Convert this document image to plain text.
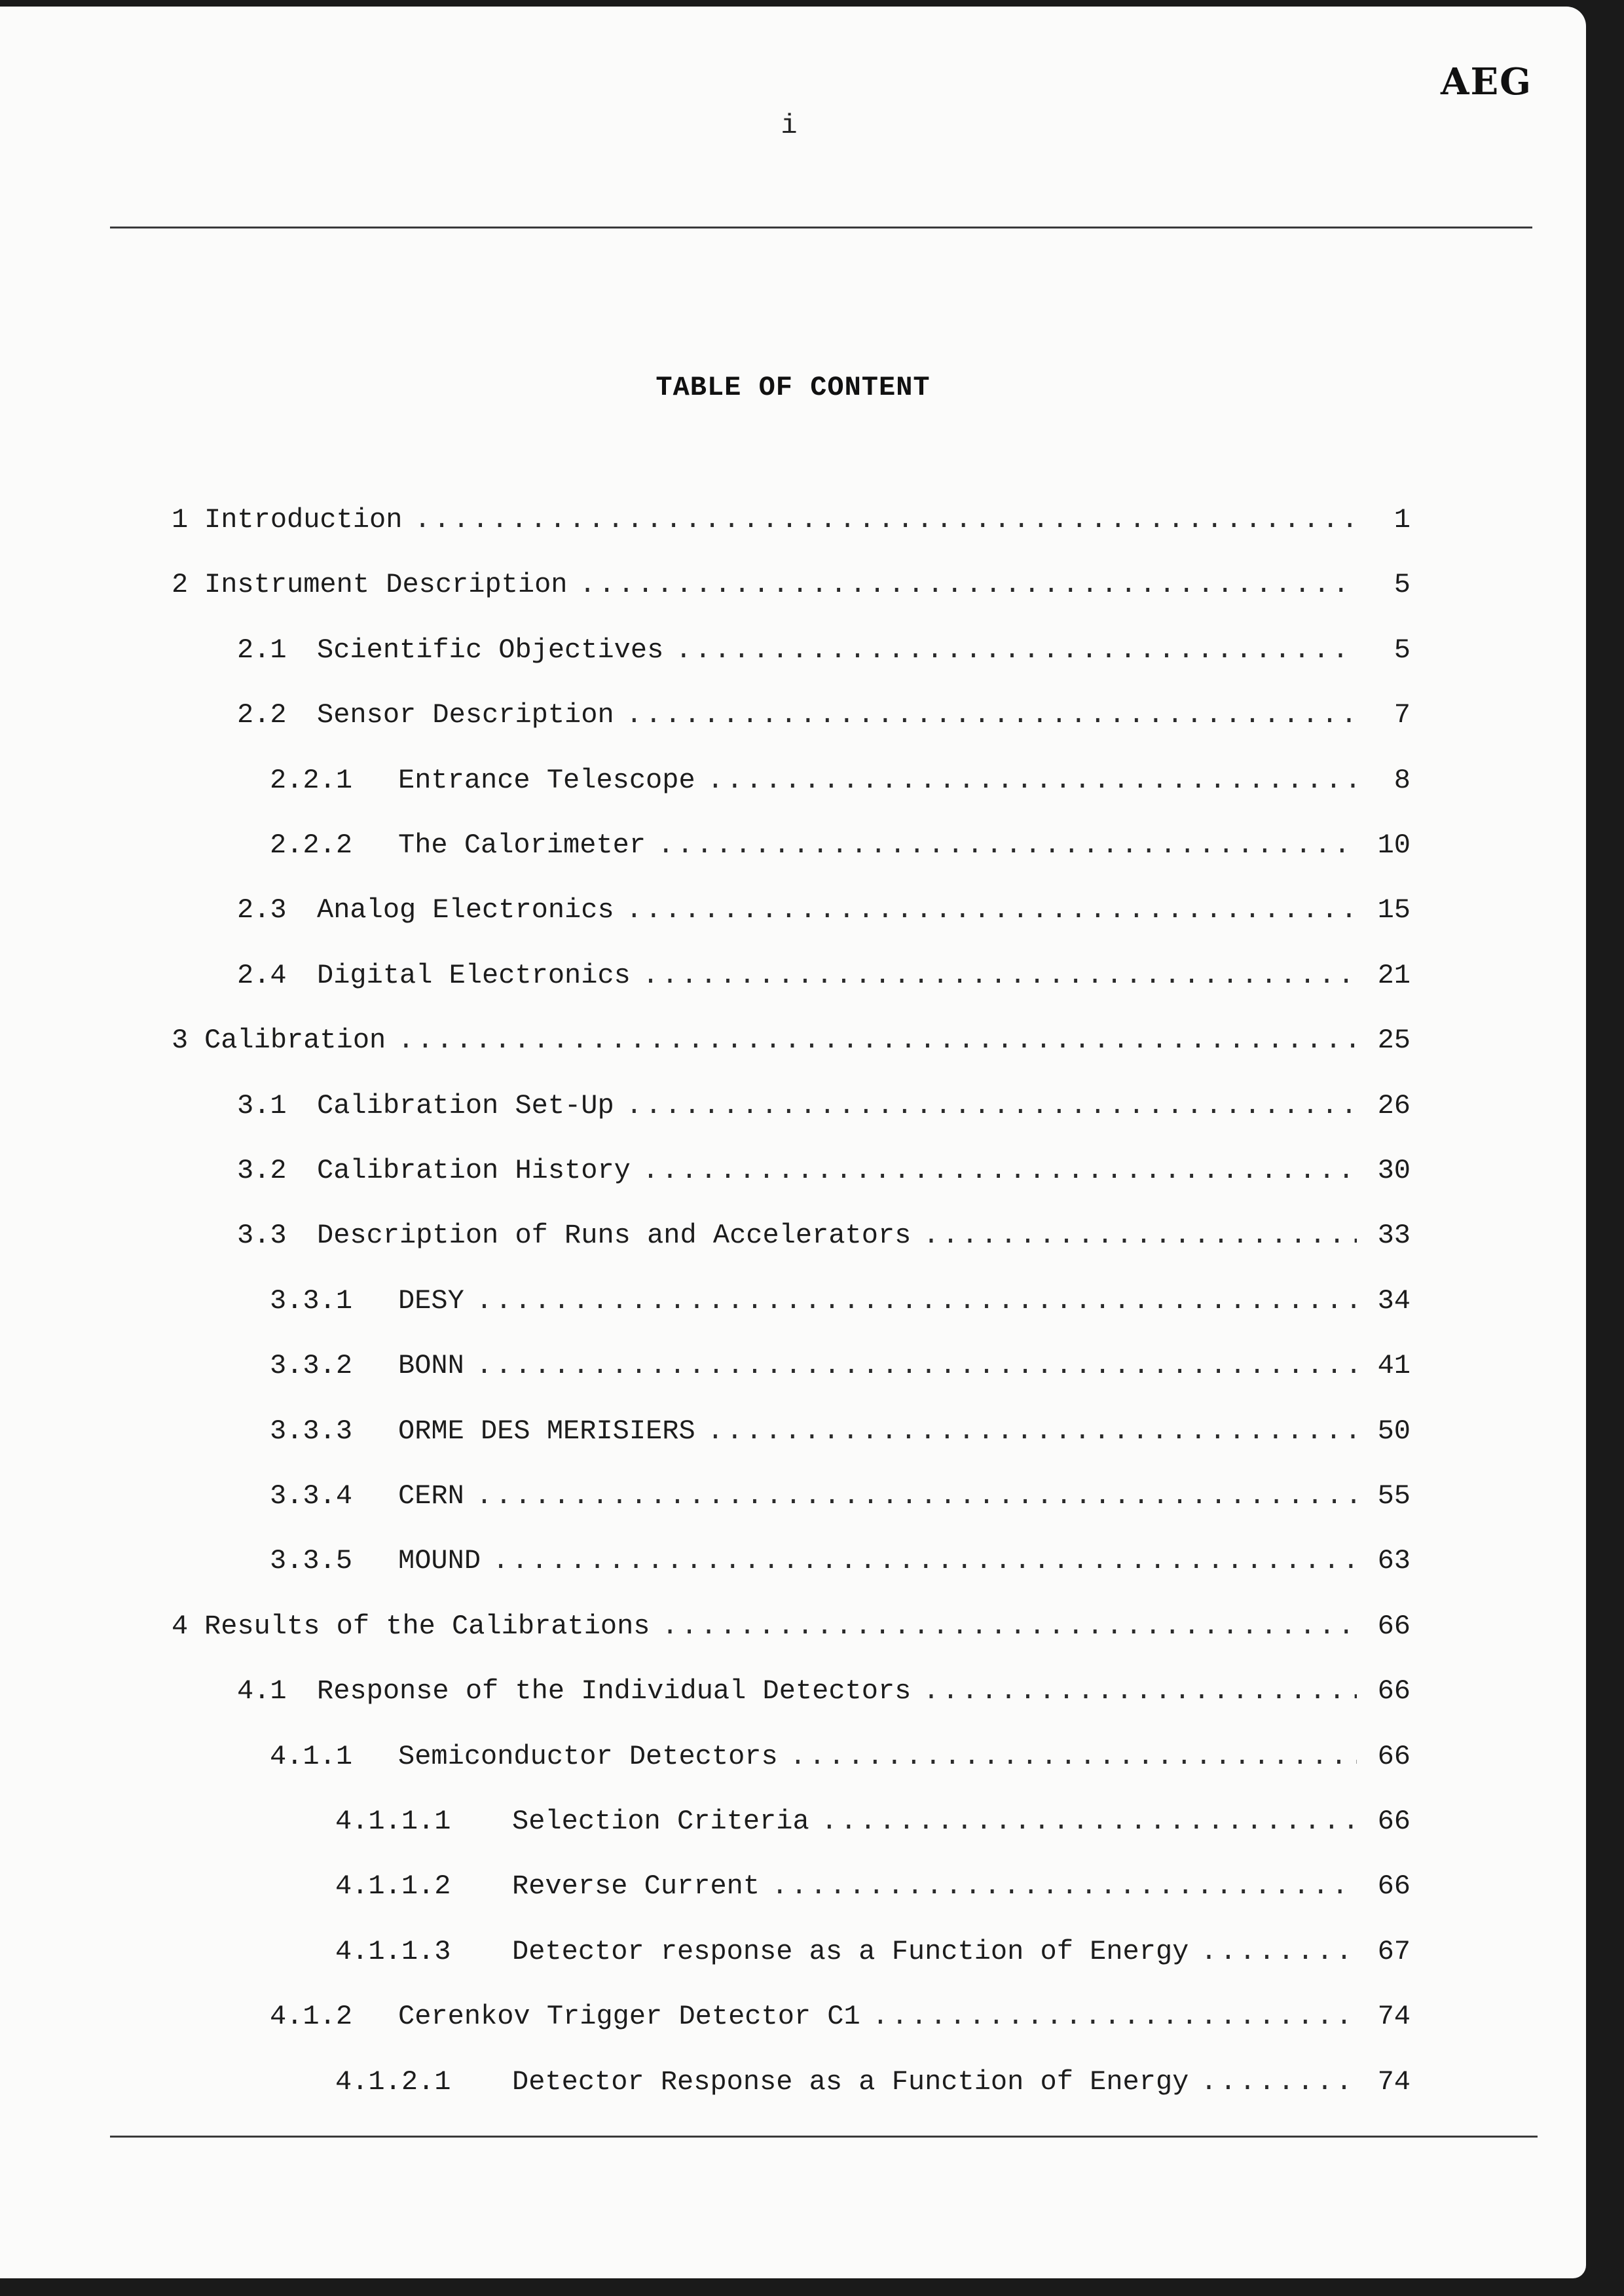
AEG
i
TABLE OF CONTENT
1 Introduction .....	1
2 Instrument Description .....	5
2.1	Scientific Objectives .....	5
2.2	Sensor Description .....	7
2.2.1	Entrance Telescope .....	8
2.2.2	The Calorimeter .....	10
2.3	Analog Electronics .....	15
2.4	Digital Electronics .....	21
3 Calibration .....	25
3.1	Calibration Set-Up .....	26
3.2	Calibration History .....	30
3.3	Description of Runs and Accelerators .....	33
3.3.1	DESY .....	34
3.3.2	BONN .....	41
3.3.3	ORME DES MERISIERS .....	50
3.3.4	CERN .....	55
3.3.5	MOUND .....	63
4 Results of the Calibrations .....	66
4.1	Response of the Individual Detectors .....	66
4.1.1	Semiconductor Detectors .....	66
4.1.1.1	Selection Criteria .....	66
4.1.1.2	Reverse Current .....	66
4.1.1.3	Detector response as a Function of Energy .....	67
4.1.2	Cerenkov Trigger Detector C1 .....	74
4.1.2.1	Detector Response as a Function of Energy .....	74
